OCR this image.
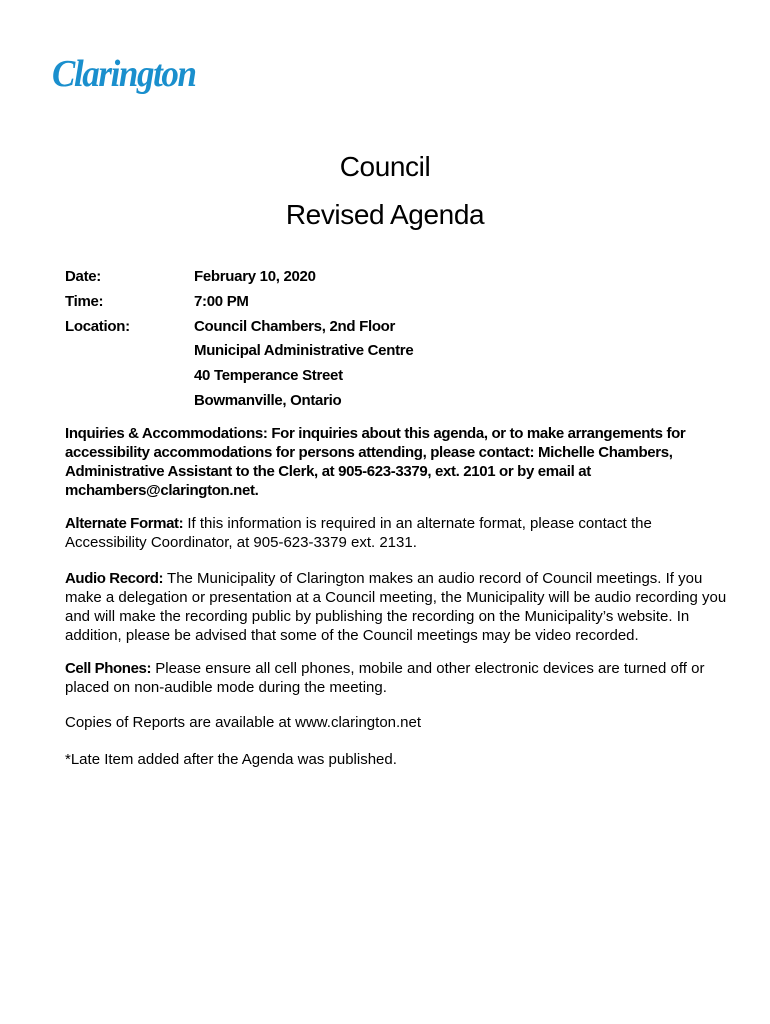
Clarington
Council
Revised Agenda
Date:	February 10, 2020
Time:	7:00 PM
Location:	Council Chambers, 2nd Floor
Municipal Administrative Centre
40 Temperance Street
Bowmanville, Ontario
Inquiries & Accommodations: For inquiries about this agenda, or to make arrangements for accessibility accommodations for persons attending, please contact: Michelle Chambers, Administrative Assistant to the Clerk, at 905-623-3379, ext. 2101 or by email at mchambers@clarington.net.
Alternate Format: If this information is required in an alternate format, please contact the Accessibility Coordinator, at 905-623-3379 ext. 2131.
Audio Record: The Municipality of Clarington makes an audio record of Council meetings. If you make a delegation or presentation at a Council meeting, the Municipality will be audio recording you and will make the recording public by publishing the recording on the Municipality’s website. In addition, please be advised that some of the Council meetings may be video recorded.
Cell Phones: Please ensure all cell phones, mobile and other electronic devices are turned off or placed on non-audible mode during the meeting.
Copies of Reports are available at www.clarington.net
*Late Item added after the Agenda was published.
